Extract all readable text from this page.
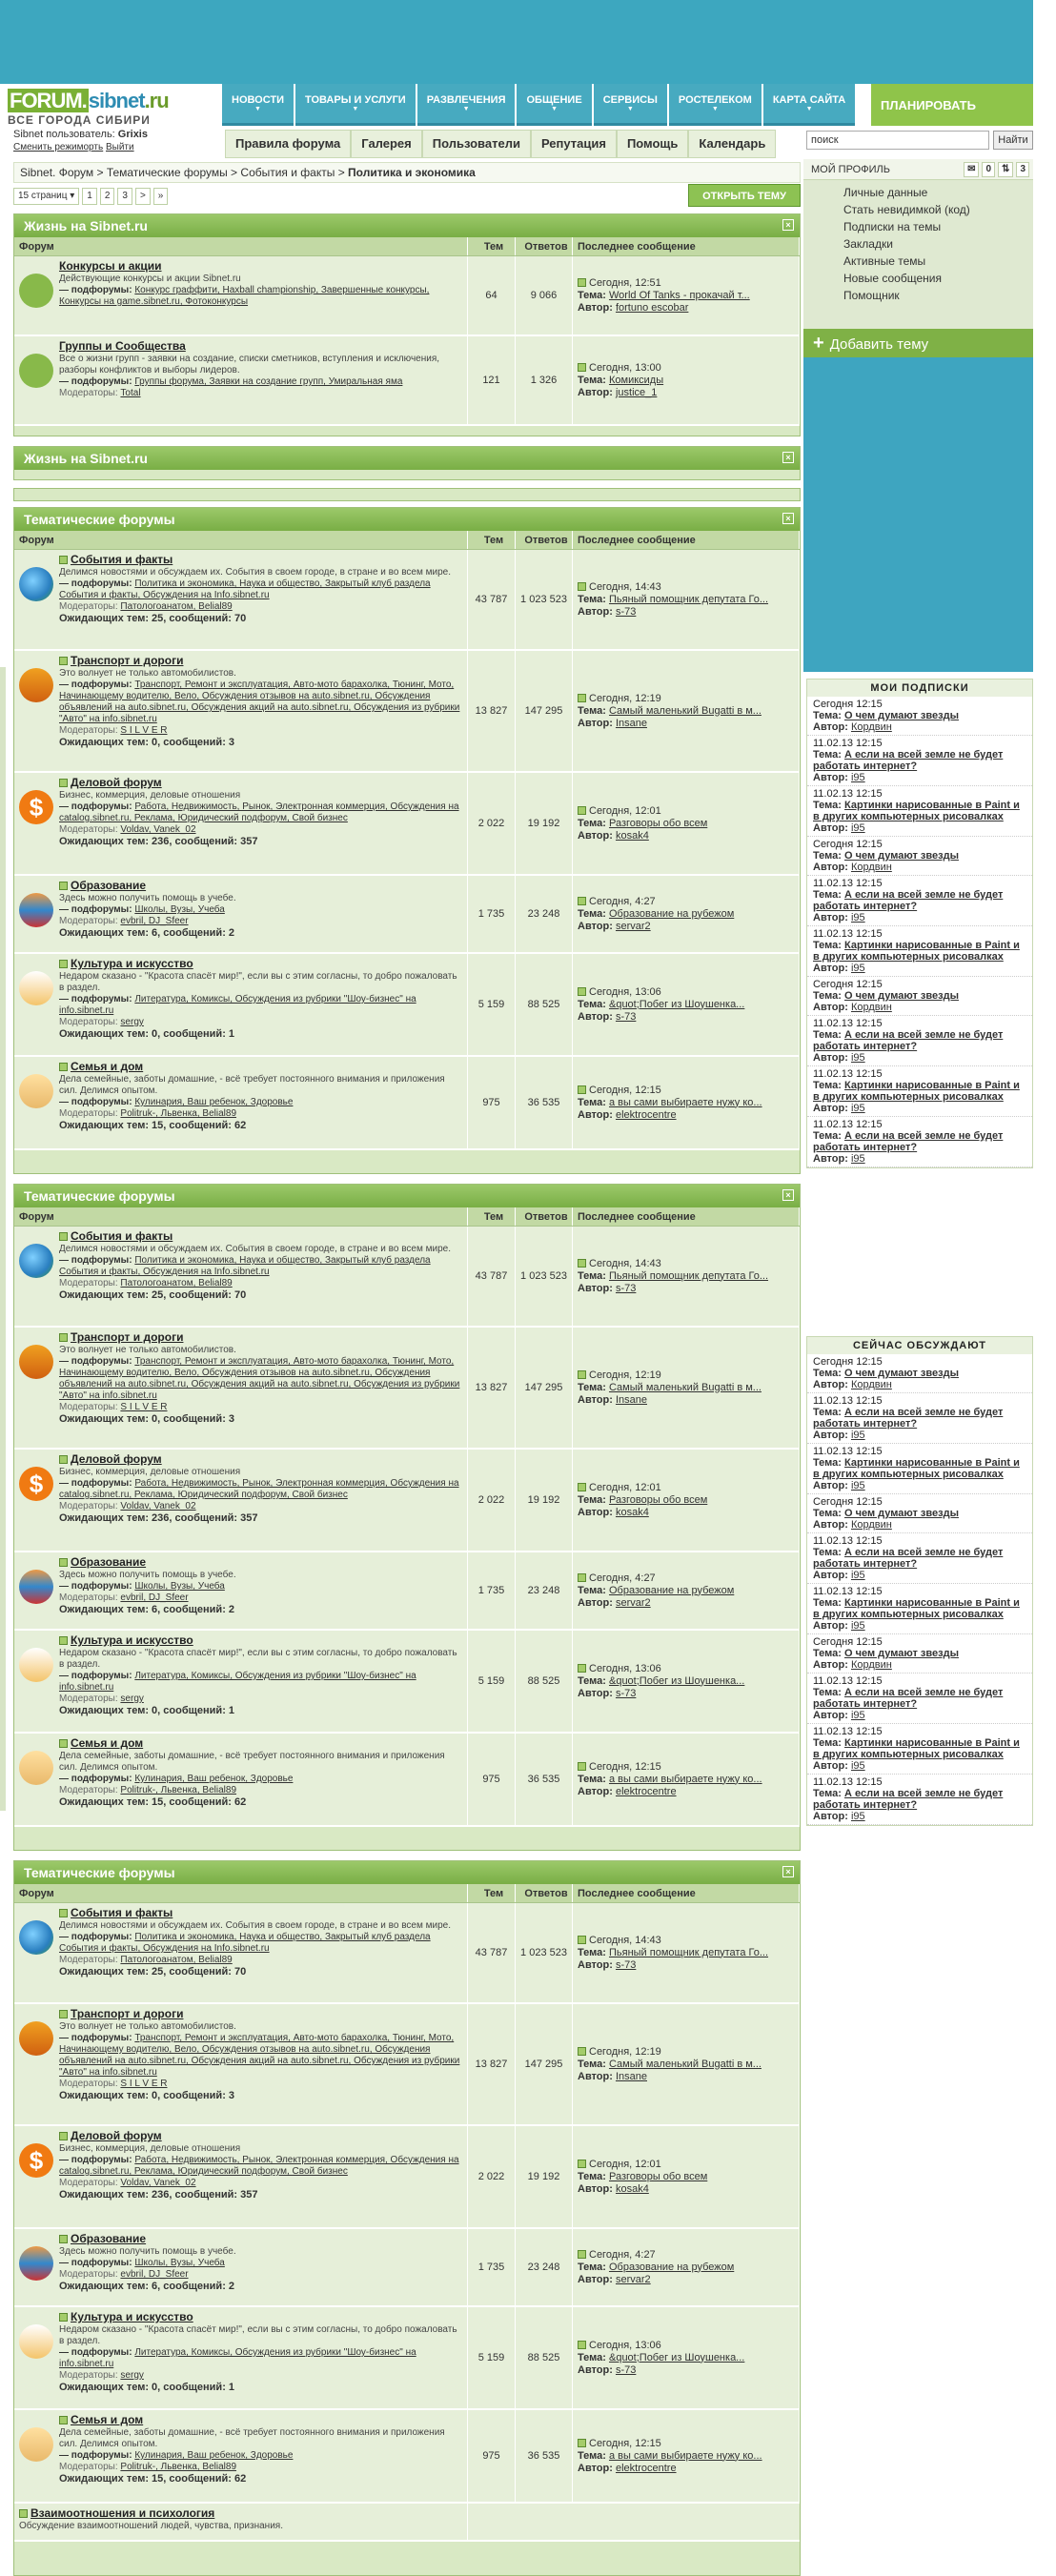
FORUM.sibnet.ru
ВСЕ ГОРОДА СИБИРИ
НОВОСТИ
▼
ТОВАРЫ И УСЛУГИ
▼
РАЗВЛЕЧЕНИЯ
▼
ОБЩЕНИЕ
▼
СЕРВИСЫ
▼
РОСТЕЛЕКОМ
▼
КАРТА САЙТА
▼	ПЛАНИРОВАТЬ
Sibnet пользователь: Grixis
Сменить режиморть Выйти	Правила форума	Галерея	Пользователи	Репутация	Помощь	Календарь
Sibnet. Форум > Тематические форумы > События и факты > Политика и экономика
15 страниц ▾	1	2	3	>	»	ОТКРЫТЬ ТЕМУ
поиск	Найти
МОЙ ПРОФИЛЬ	✉	0	⇅	3
Личные данные
Стать невидимкой (код)
Подписки на темы
Закладки
Активные темы
Новые сообщения
Помощник
+ Добавить тему
МОИ ПОДПИСКИ
Сегодня 12:15
Тема: О чем думают звезды
Автор: Кордвин
11.02.13 12:15
Тема: А если на всей земле не будет работать интернет?
Автор: i95
11.02.13 12:15
Тема: Картинки нарисованные в Paint и в других компьютерных рисовалках
Автор: i95
Сегодня 12:15
Тема: О чем думают звезды
Автор: Кордвин
11.02.13 12:15
Тема: А если на всей земле не будет работать интернет?
Автор: i95
11.02.13 12:15
Тема: Картинки нарисованные в Paint и в других компьютерных рисовалках
Автор: i95
Сегодня 12:15
Тема: О чем думают звезды
Автор: Кордвин
11.02.13 12:15
Тема: А если на всей земле не будет работать интернет?
Автор: i95
11.02.13 12:15
Тема: Картинки нарисованные в Paint и в других компьютерных рисовалках
Автор: i95
11.02.13 12:15
Тема: А если на всей земле не будет работать интернет?
Автор: i95
СЕЙЧАС ОБСУЖДАЮТ
Сегодня 12:15
Тема: О чем думают звезды
Автор: Кордвин
11.02.13 12:15
Тема: А если на всей земле не будет работать интернет?
Автор: i95
11.02.13 12:15
Тема: Картинки нарисованные в Paint и в других компьютерных рисовалках
Автор: i95
Сегодня 12:15
Тема: О чем думают звезды
Автор: Кордвин
11.02.13 12:15
Тема: А если на всей земле не будет работать интернет?
Автор: i95
11.02.13 12:15
Тема: Картинки нарисованные в Paint и в других компьютерных рисовалках
Автор: i95
Сегодня 12:15
Тема: О чем думают звезды
Автор: Кордвин
11.02.13 12:15
Тема: А если на всей земле не будет работать интернет?
Автор: i95
11.02.13 12:15
Тема: Картинки нарисованные в Paint и в других компьютерных рисовалках
Автор: i95
11.02.13 12:15
Тема: А если на всей земле не будет работать интернет?
Автор: i95
Жизнь на Sibnet.ru	×
Форум	Тем	Ответов Последнее сообщение
Конкурсы и акции
Действующие конкурсы и акции Sibnet.ru
— подфорумы: Конкурс граффити, Haxball championship, Завершенные конкурсы, Конкурсы на game.sibnet.ru, Фотоконкурсы
64	9 066
Сегодня, 12:51
Тема: World Of Tanks - прокачай т...
Автор: fortuno escobar
Группы и Сообщества
Все о жизни групп - заявки на создание, списки сметников, вступления и исключения, разборы конфликтов и выборы лидеров.
— подфорумы: Группы форума, Заявки на создание групп, Умиральная яма
Модераторы: Total
121	1 326
Сегодня, 13:00
Тема: Комиксиды
Автор: justice_1
Жизнь на Sibnet.ru	×
Тематические форумы	×
Форум	Тем	Ответов Последнее сообщение
События и факты
Делимся новостями и обсуждаем их. События в своем городе, в стране и во всем мире.
— подфорумы: Политика и экономика, Наука и общество, Закрытый клуб раздела События и факты, Обсуждения на Info.sibnet.ru
Модераторы: Патологоанатом, Belial89
Ожидающих тем: 25, сообщений: 70
43 787	1 023 523
Сегодня, 14:43
Тема: Пьяный помощник депутата Го...
Автор: s-73
Транспорт и дороги
Это волнует не только автомобилистов.
— подфорумы: Транспорт, Ремонт и эксплуатация, Авто-мото барахолка, Тюнинг, Мото, Начинающему водителю, Вело, Обсуждения отзывов на auto.sibnet.ru, Обсуждения объявлений на auto.sibnet.ru, Обсуждения акций на auto.sibnet.ru, Обсуждения из рубрики "Авто" на info.sibnet.ru
Модераторы: S I L V E R
Ожидающих тем: 0, сообщений: 3
13 827	147 295
Сегодня, 12:19
Тема: Самый маленький Bugatti в м...
Автор: Insane
$
Деловой форум
Бизнес, коммерция, деловые отношения
— подфорумы: Работа, Недвижимость, Рынок, Электронная коммерция, Обсуждения на catalog.sibnet.ru, Реклама, Юридический подфорум, Свой бизнес
Модераторы: Voldav, Vanek_02
Ожидающих тем: 236, сообщений: 357
2 022	19 192
Сегодня, 12:01
Тема: Разговоры обо всем
Автор: kosak4
Образование
Здесь можно получить помощь в учебе.
— подфорумы: Школы, Вузы, Учеба
Модераторы: evbril, DJ_Sfeer
Ожидающих тем: 6, сообщений: 2
1 735	23 248
Сегодня, 4:27
Тема: Образование на рубежом
Автор: servar2
Культура и искусство
Недаром сказано - "Красота спасёт мир!", если вы с этим согласны, то добро пожаловать в раздел.
— подфорумы: Литература, Комиксы, Обсуждения из рубрики "Шоу-бизнес" на info.sibnet.ru
Модераторы: sergy
Ожидающих тем: 0, сообщений: 1
5 159	88 525
Сегодня, 13:06
Тема: &quot;Побег из Шоушенка...
Автор: s-73
Семья и дом
Дела семейные, заботы домашние, - всё требует постоянного внимания и приложения сил. Делимся опытом.
— подфорумы: Кулинария, Ваш ребенок, Здоровье
Модераторы: Politruk-, Львенка, Belial89
Ожидающих тем: 15, сообщений: 62
975	36 535
Сегодня, 12:15
Тема: а вы сами выбираете нужу ко...
Автор: elektrocentre
Тематические форумы	×
Форум	Тем	Ответов Последнее сообщение
События и факты
Делимся новостями и обсуждаем их. События в своем городе, в стране и во всем мире.
— подфорумы: Политика и экономика, Наука и общество, Закрытый клуб раздела События и факты, Обсуждения на Info.sibnet.ru
Модераторы: Патологоанатом, Belial89
Ожидающих тем: 25, сообщений: 70
43 787	1 023 523
Сегодня, 14:43
Тема: Пьяный помощник депутата Го...
Автор: s-73
Транспорт и дороги
Это волнует не только автомобилистов.
— подфорумы: Транспорт, Ремонт и эксплуатация, Авто-мото барахолка, Тюнинг, Мото, Начинающему водителю, Вело, Обсуждения отзывов на auto.sibnet.ru, Обсуждения объявлений на auto.sibnet.ru, Обсуждения акций на auto.sibnet.ru, Обсуждения из рубрики "Авто" на info.sibnet.ru
Модераторы: S I L V E R
Ожидающих тем: 0, сообщений: 3
13 827	147 295
Сегодня, 12:19
Тема: Самый маленький Bugatti в м...
Автор: Insane
$
Деловой форум
Бизнес, коммерция, деловые отношения
— подфорумы: Работа, Недвижимость, Рынок, Электронная коммерция, Обсуждения на catalog.sibnet.ru, Реклама, Юридический подфорум, Свой бизнес
Модераторы: Voldav, Vanek_02
Ожидающих тем: 236, сообщений: 357
2 022	19 192
Сегодня, 12:01
Тема: Разговоры обо всем
Автор: kosak4
Образование
Здесь можно получить помощь в учебе.
— подфорумы: Школы, Вузы, Учеба
Модераторы: evbril, DJ_Sfeer
Ожидающих тем: 6, сообщений: 2
1 735	23 248
Сегодня, 4:27
Тема: Образование на рубежом
Автор: servar2
Культура и искусство
Недаром сказано - "Красота спасёт мир!", если вы с этим согласны, то добро пожаловать в раздел.
— подфорумы: Литература, Комиксы, Обсуждения из рубрики "Шоу-бизнес" на info.sibnet.ru
Модераторы: sergy
Ожидающих тем: 0, сообщений: 1
5 159	88 525
Сегодня, 13:06
Тема: &quot;Побег из Шоушенка...
Автор: s-73
Семья и дом
Дела семейные, заботы домашние, - всё требует постоянного внимания и приложения сил. Делимся опытом.
— подфорумы: Кулинария, Ваш ребенок, Здоровье
Модераторы: Politruk-, Львенка, Belial89
Ожидающих тем: 15, сообщений: 62
975	36 535
Сегодня, 12:15
Тема: а вы сами выбираете нужу ко...
Автор: elektrocentre
Тематические форумы	×
Форум	Тем	Ответов Последнее сообщение
События и факты
Делимся новостями и обсуждаем их. События в своем городе, в стране и во всем мире.
— подфорумы: Политика и экономика, Наука и общество, Закрытый клуб раздела События и факты, Обсуждения на Info.sibnet.ru
Модераторы: Патологоанатом, Belial89
Ожидающих тем: 25, сообщений: 70
43 787	1 023 523
Сегодня, 14:43
Тема: Пьяный помощник депутата Го...
Автор: s-73
Транспорт и дороги
Это волнует не только автомобилистов.
— подфорумы: Транспорт, Ремонт и эксплуатация, Авто-мото барахолка, Тюнинг, Мото, Начинающему водителю, Вело, Обсуждения отзывов на auto.sibnet.ru, Обсуждения объявлений на auto.sibnet.ru, Обсуждения акций на auto.sibnet.ru, Обсуждения из рубрики "Авто" на info.sibnet.ru
Модераторы: S I L V E R
Ожидающих тем: 0, сообщений: 3
13 827	147 295
Сегодня, 12:19
Тема: Самый маленький Bugatti в м...
Автор: Insane
$
Деловой форум
Бизнес, коммерция, деловые отношения
— подфорумы: Работа, Недвижимость, Рынок, Электронная коммерция, Обсуждения на catalog.sibnet.ru, Реклама, Юридический подфорум, Свой бизнес
Модераторы: Voldav, Vanek_02
Ожидающих тем: 236, сообщений: 357
2 022	19 192
Сегодня, 12:01
Тема: Разговоры обо всем
Автор: kosak4
Образование
Здесь можно получить помощь в учебе.
— подфорумы: Школы, Вузы, Учеба
Модераторы: evbril, DJ_Sfeer
Ожидающих тем: 6, сообщений: 2
1 735	23 248
Сегодня, 4:27
Тема: Образование на рубежом
Автор: servar2
Культура и искусство
Недаром сказано - "Красота спасёт мир!", если вы с этим согласны, то добро пожаловать в раздел.
— подфорумы: Литература, Комиксы, Обсуждения из рубрики "Шоу-бизнес" на info.sibnet.ru
Модераторы: sergy
Ожидающих тем: 0, сообщений: 1
5 159	88 525
Сегодня, 13:06
Тема: &quot;Побег из Шоушенка...
Автор: s-73
Семья и дом
Дела семейные, заботы домашние, - всё требует постоянного внимания и приложения сил. Делимся опытом.
— подфорумы: Кулинария, Ваш ребенок, Здоровье
Модераторы: Politruk-, Львенка, Belial89
Ожидающих тем: 15, сообщений: 62
975	36 535
Сегодня, 12:15
Тема: а вы сами выбираете нужу ко...
Автор: elektrocentre
Взаимоотношения и психология
Обсуждение взаимоотношений людей, чувства, признания.
